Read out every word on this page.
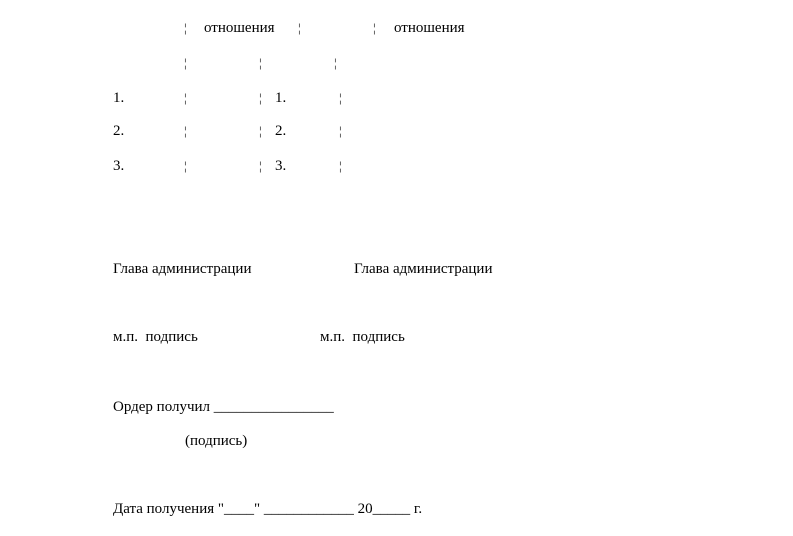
¦ отношения ¦	¦ отношения
¦	¦	¦
1.	¦	¦ 1.	¦
2.	¦	¦ 2.	¦
3.	¦	¦ 3.	¦
Глава администрации	Глава администрации
м.п.  подпись	м.п.  подпись
Ордер получил ________________
(подпись)
Дата получения "____" ____________ 20_____ г.
